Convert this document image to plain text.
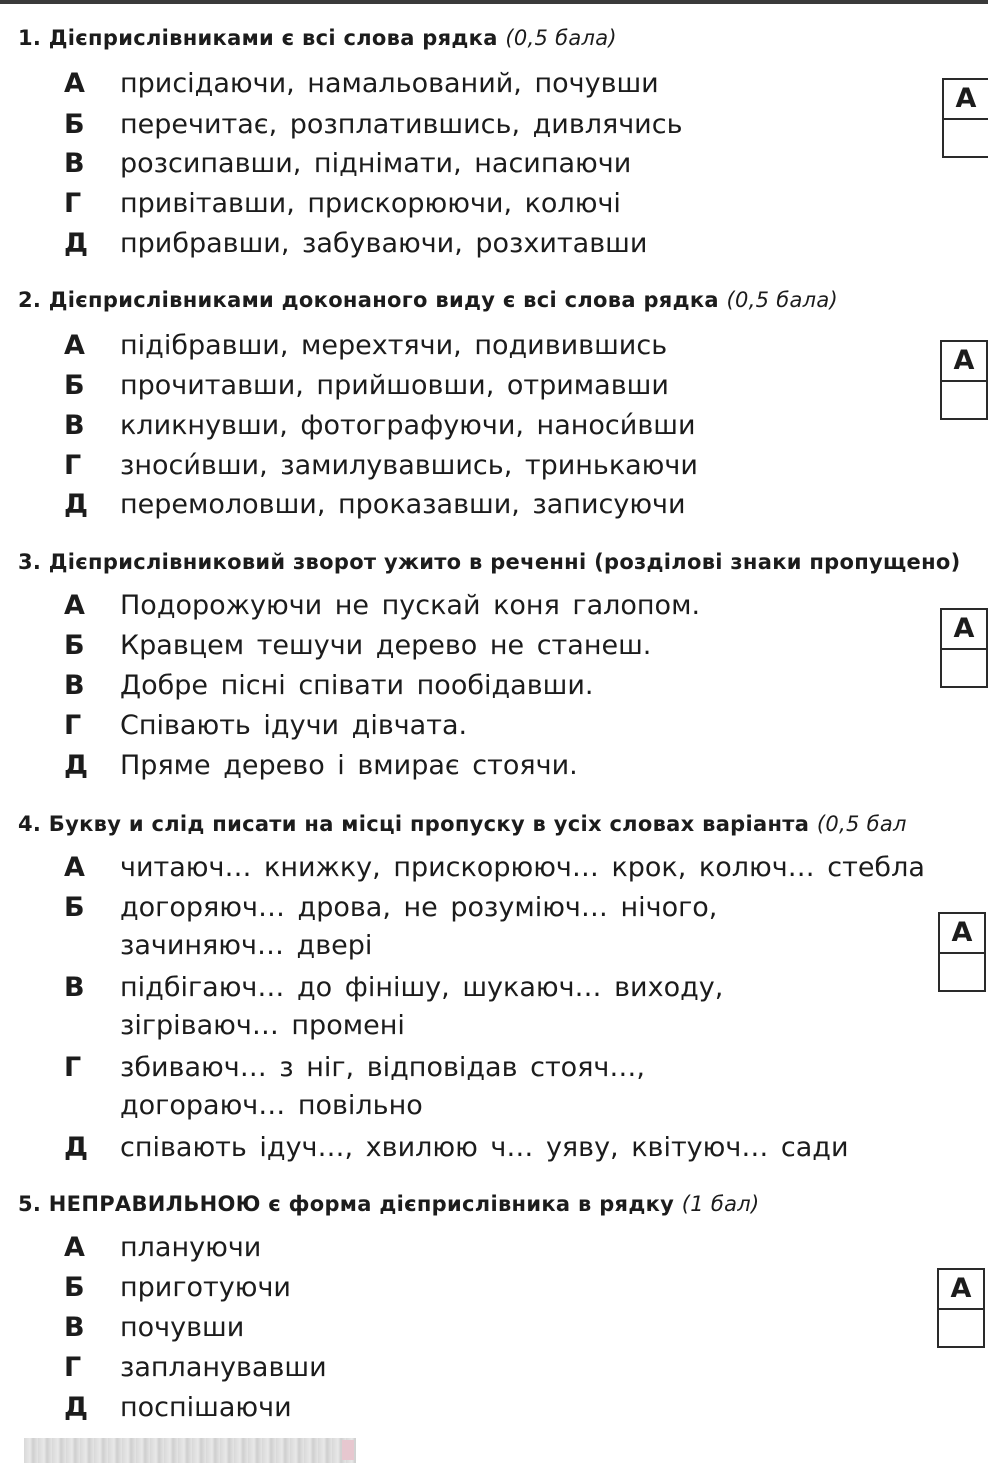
1. Дієприслівниками є всі слова рядка (0,5 бала)
А присідаючи, намальований, почувши
Б перечитає, розплатившись, дивлячись
В розсипавши, піднімати, насипаючи
Г привітавши, прискорюючи, колючі
Д прибравши, забуваючи, розхитавши
А
2. Дієприслівниками доконаного виду є всі слова рядка (0,5 бала)
А підібравши, мерехтячи, подивившись
Б прочитавши, прийшовши, отримавши
В кликнувши, фотографуючи, наноси́вши
Г зноси́вши, замилувавшись, тринькаючи
Д перемоловши, проказавши, записуючи
А
3. Дієприслівниковий зворот ужито в реченні (розділові знаки пропущено)
А Подорожуючи не пускай коня галопом.
Б Кравцем тешучи дерево не станеш.
В Добре пісні співати пообідавши.
Г Співають ідучи дівчата.
Д Пряме дерево і вмирає стоячи.
А
4. Букву и слід писати на місці пропуску в усіх словах варіанта (0,5 бал
А читаюч… книжку, прискорююч… крок, колюч… стебла
Б догоряюч… дрова, не розуміюч… нічого,
зачиняюч… двері
В підбігаюч… до фінішу, шукаюч… виходу,
зігріваюч… промені
Г збиваюч… з ніг, відповідав стояч…,
догораюч… повільно
Д співають ідуч…, хвилюю ч… уяву, квітуюч… сади
А
5. НЕПРАВИЛЬНОЮ є форма дієприслівника в рядку (1 бал)
А плануючи
Б приготуючи
В почувши
Г запланувавши
Д поспішаючи
А
